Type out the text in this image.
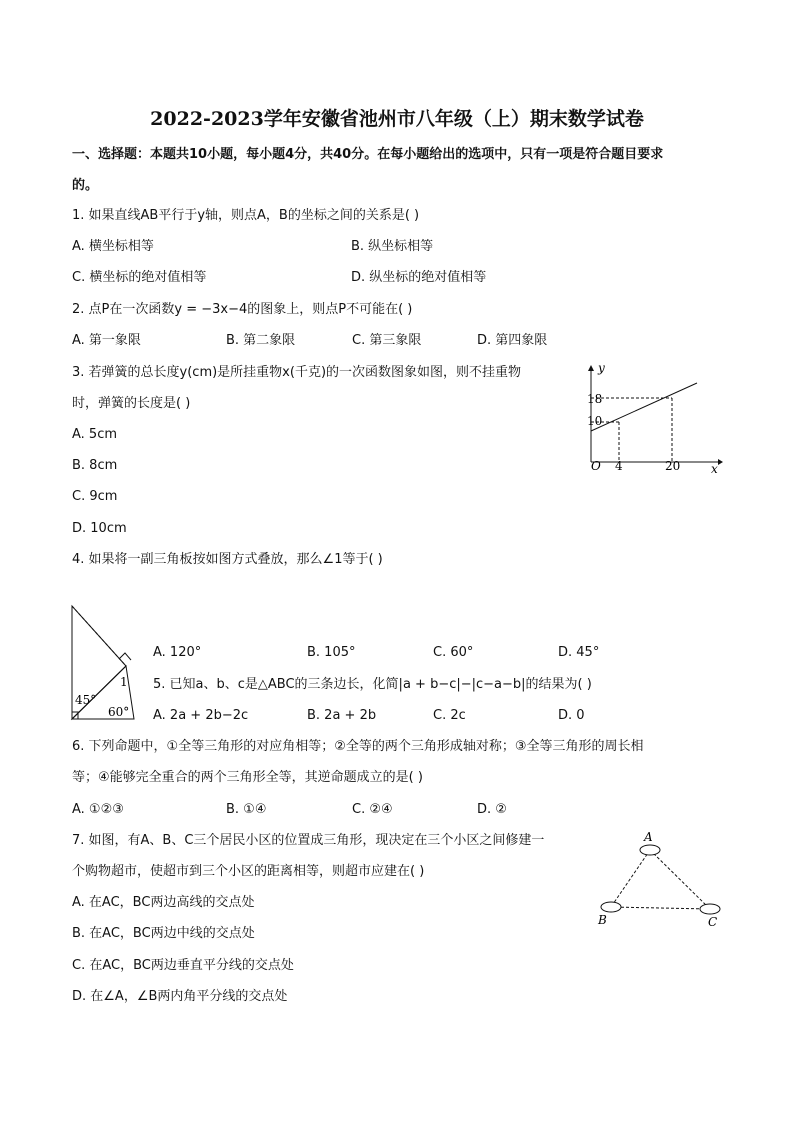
2022-2023学年安徽省池州市八年级（上）期末数学试卷
一、选择题：本题共10小题，每小题4分，共40分。在每小题给出的选项中，只有一项是符合题目要求
的。
1. 如果直线AB平行于y轴，则点A，B的坐标之间的关系是( )
A. 横坐标相等	B. 纵坐标相等
C. 横坐标的绝对值相等	D. 纵坐标的绝对值相等
2. 点P在一次函数y = −3x−4的图象上，则点P不可能在( )
A. 第一象限	B. 第二象限	C. 第三象限	D. 第四象限
3. 若弹簧的总长度y(cm)是所挂重物x(千克)的一次函数图象如图，则不挂重物
时，弹簧的长度是( )
A. 5cm
B. 8cm
C. 9cm
D. 10cm
y
x
O
18
10
4	20
4. 如果将一副三角板按如图方式叠放，那么∠1等于( )
1
45°
60°
A. 120°	B. 105°	C. 60°	D. 45°
5. 已知a、b、c是△ABC的三条边长，化简|a + b−c|−|c−a−b|的结果为( )
A. 2a + 2b−2c	B. 2a + 2b	C. 2c	D. 0
6. 下列命题中，①全等三角形的对应角相等；②全等的两个三角形成轴对称；③全等三角形的周长相
等；④能够完全重合的两个三角形全等，其逆命题成立的是( )
A. ①②③	B. ①④	C. ②④	D. ②
7. 如图，有A、B、C三个居民小区的位置成三角形，现决定在三个小区之间修建一
个购物超市，使超市到三个小区的距离相等，则超市应建在( )
A. 在AC，BC两边高线的交点处
B. 在AC，BC两边中线的交点处
C. 在AC，BC两边垂直平分线的交点处
D. 在∠A，∠B两内角平分线的交点处
A
B	C
